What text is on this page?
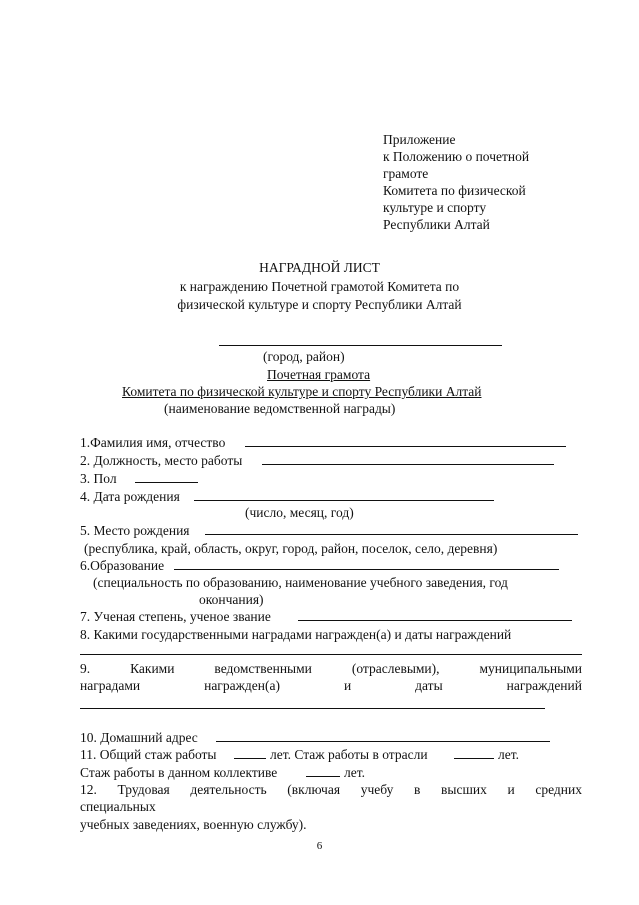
Приложение
к Положению о почетной
грамоте
Комитета по физической
культуре и спорту
Республики Алтай
НАГРАДНОЙ ЛИСТ
к награждению Почетной грамотой Комитета по
физической культуре и спорту Республики Алтай
(город, район)
Почетная грамота
Комитета по физической культуре и спорту Республики Алтай
(наименование ведомственной награды)
1.Фамилия имя, отчество
2. Должность, место работы
3. Пол
4. Дата рождения
(число, месяц, год)
5. Место рождения
(республика, край, область, округ, город, район, поселок, село, деревня)
6.Образование
(специальность по образованию, наименование учебного заведения, год
окончания)
7. Ученая степень, ученое звание
8. Какими государственными наградами награжден(а) и даты награждений
9.	Какими	ведомственными	(отраслевыми),	муниципальными
наградами	награжден(а)	и	даты	награждений
10. Домашний адрес
11. Общий стаж работы	лет. Стаж работы в отрасли	лет.
Стаж работы в данном коллективе	лет.
12. Трудовая деятельность (включая учебу в высших и средних
специальных
учебных заведениях, военную службу).
6
